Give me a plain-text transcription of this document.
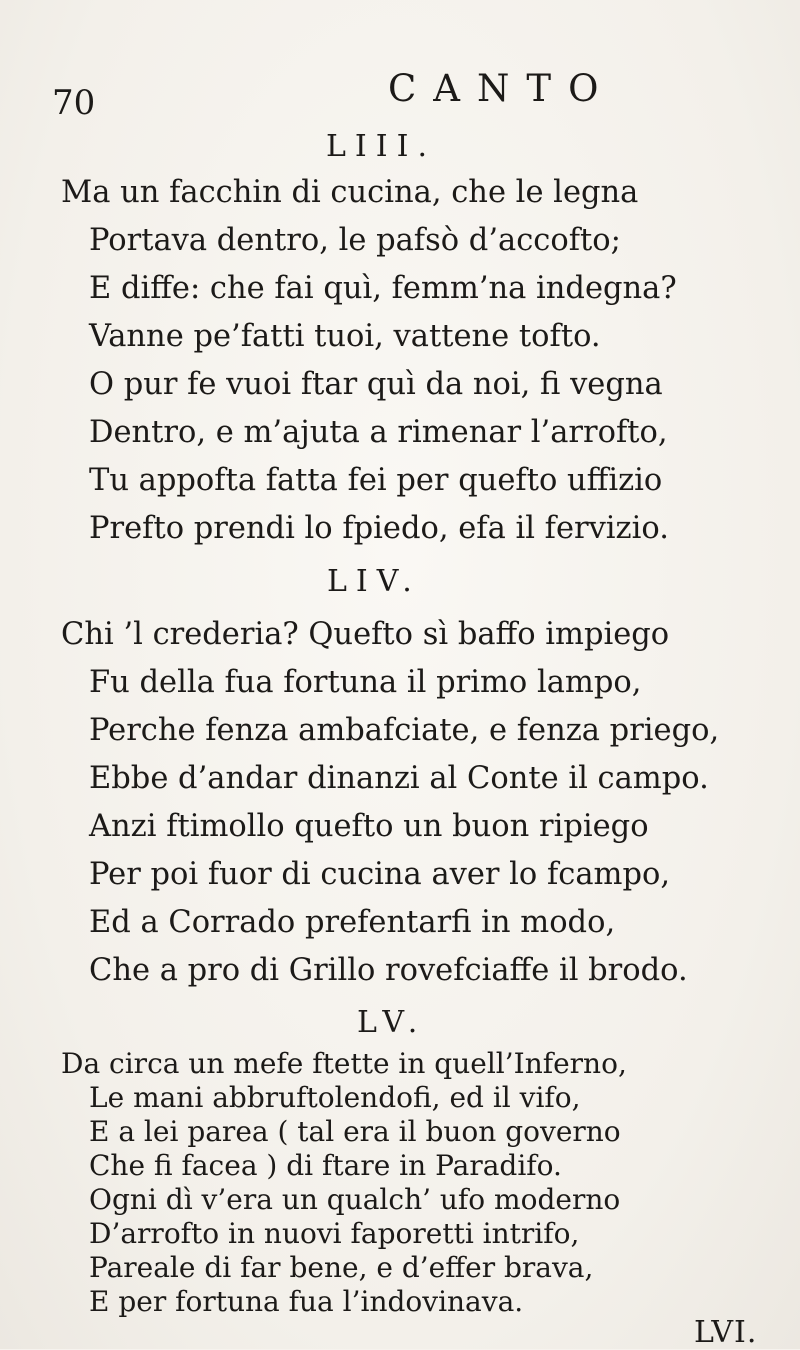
70	CANTO
LIII.
Ma un facchin di cucina, che le legna
Portava dentro, le pafsò d’accofto;
E diffe: che fai quì, femm’na indegna?
Vanne pe’fatti tuoi, vattene tofto.
O pur fe vuoi ftar quì da noi, fi vegna
Dentro, e m’ajuta a rimenar l’arrofto,
Tu appofta fatta fei per quefto uffizio
Prefto prendi lo fpiedo, efa il fervizio.
LIV.
Chi ’l crederia? Quefto sì baffo impiego
Fu della fua fortuna il primo lampo,
Perche fenza ambafciate, e fenza priego,
Ebbe d’andar dinanzi al Conte il campo.
Anzi ftimollo quefto un buon ripiego
Per poi fuor di cucina aver lo fcampo,
Ed a Corrado prefentarfi in modo,
Che a pro di Grillo rovefciaffe il brodo.
LV.
LVI.
Da circa un mefe ftette in quell’Inferno,
Le mani abbruftolendofi, ed il vifo,
E a lei parea ( tal era il buon governo
Che fi facea ) di ftare in Paradifo.
Ogni dì v’era un qualch’ ufo moderno
D’arrofto in nuovi faporetti intrifo,
Pareale di far bene, e d’effer brava,
E per fortuna fua l’indovinava.
